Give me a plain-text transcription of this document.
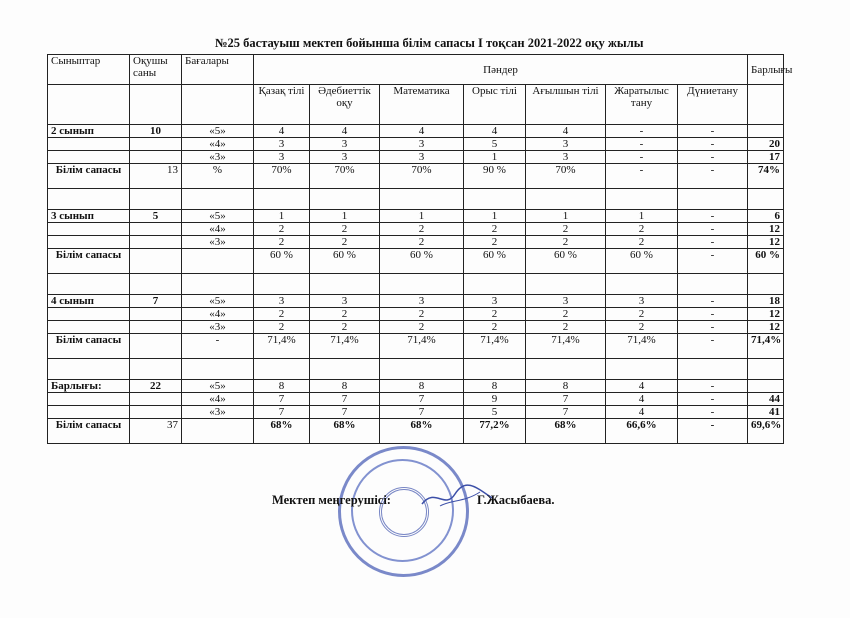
№25 бастауыш мектеп бойынша білім сапасы I тоқсан 2021-2022 оқу жылы
Сыныптар	Оқушы саны	Бағалары	Пәндер							Барлығы
			Қазақ тілі	Әдебиеттік оқу	Математика	Орыс тілі	Ағылшын тілі	Жаратылыс тану	Дүниетану	
2 сынып	10	«5»	4	4	4	4	4	-	-	
		«4»	3	3	3	5	3	-	-	20
		«3»	3	3	3	1	3	-	-	17
Білім сапасы	13	%	70%	70%	70%	90 %	70%	-	-	74%

3 сынып	5	«5»	1	1	1	1	1	1	-	6
		«4»	2	2	2	2	2	2	-	12
		«3»	2	2	2	2	2	2	-	12
Білім сапасы			60 %	60 %	60 %	60 %	60 %	60 %	-	60 %

4 сынып	7	«5»	3	3	3	3	3	3	-	18
		«4»	2	2	2	2	2	2	-	12
		«3»	2	2	2	2	2	2	-	12
Білім сапасы		-	71,4%	71,4%	71,4%	71,4%	71,4%	71,4%	-	71,4%

Барлығы:	22	«5»	8	8	8	8	8	4	-	
		«4»	7	7	7	9	7	4	-	44
		«3»	7	7	7	5	7	4	-	41
Білім сапасы	37		68%	68%	68%	77,2%	68%	66,6%	-	69,6%
Мектеп меңгерушісі:	Г.Жасыбаева.
